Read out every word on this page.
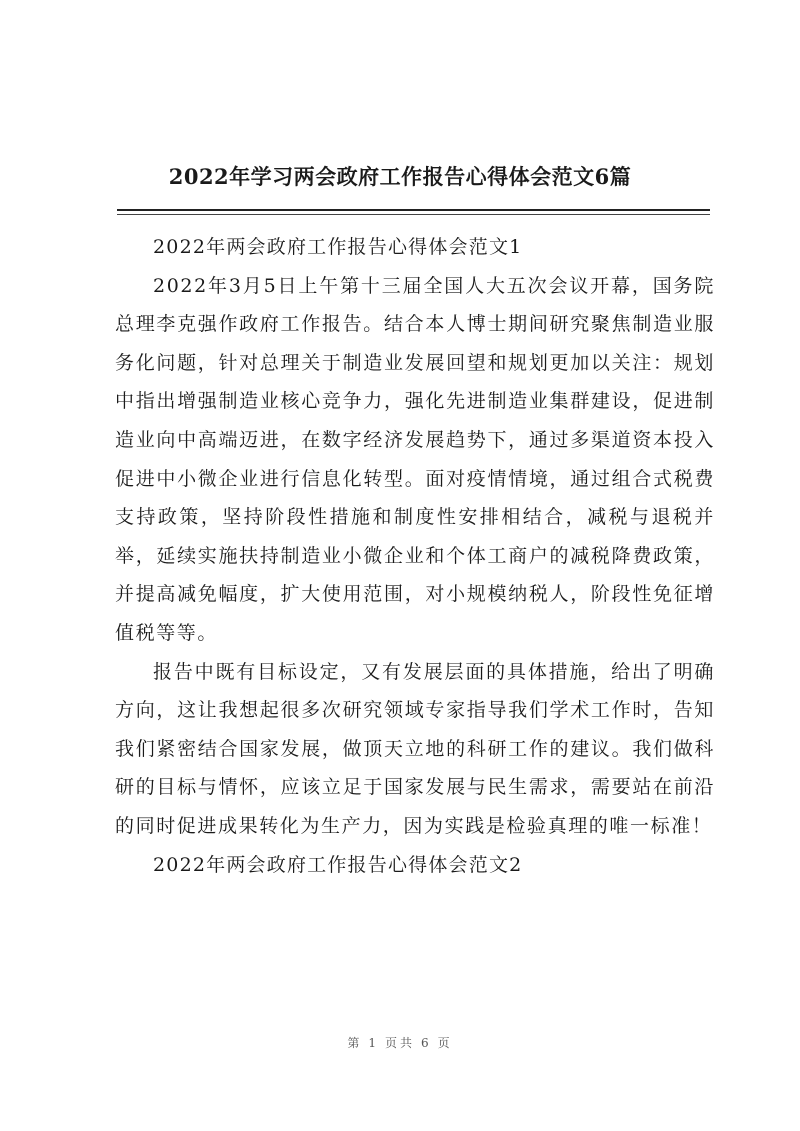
2022年学习两会政府工作报告心得体会范文6篇

2022年两会政府工作报告心得体会范文1

2022年3月5日上午第十三届全国人大五次会议开幕，国务院总理李克强作政府工作报告。结合本人博士期间研究聚焦制造业服务化问题，针对总理关于制造业发展回望和规划更加以关注：规划中指出增强制造业核心竞争力，强化先进制造业集群建设，促进制造业向中高端迈进，在数字经济发展趋势下，通过多渠道资本投入促进中小微企业进行信息化转型。面对疫情情境，通过组合式税费支持政策，坚持阶段性措施和制度性安排相结合，减税与退税并举，延续实施扶持制造业小微企业和个体工商户的减税降费政策，并提高减免幅度，扩大使用范围，对小规模纳税人，阶段性免征增值税等等。

报告中既有目标设定，又有发展层面的具体措施，给出了明确方向，这让我想起很多次研究领域专家指导我们学术工作时，告知我们紧密结合国家发展，做顶天立地的科研工作的建议。我们做科研的目标与情怀，应该立足于国家发展与民生需求，需要站在前沿的同时促进成果转化为生产力，因为实践是检验真理的唯一标准！

2022年两会政府工作报告心得体会范文2

第 1 页共 6 页
